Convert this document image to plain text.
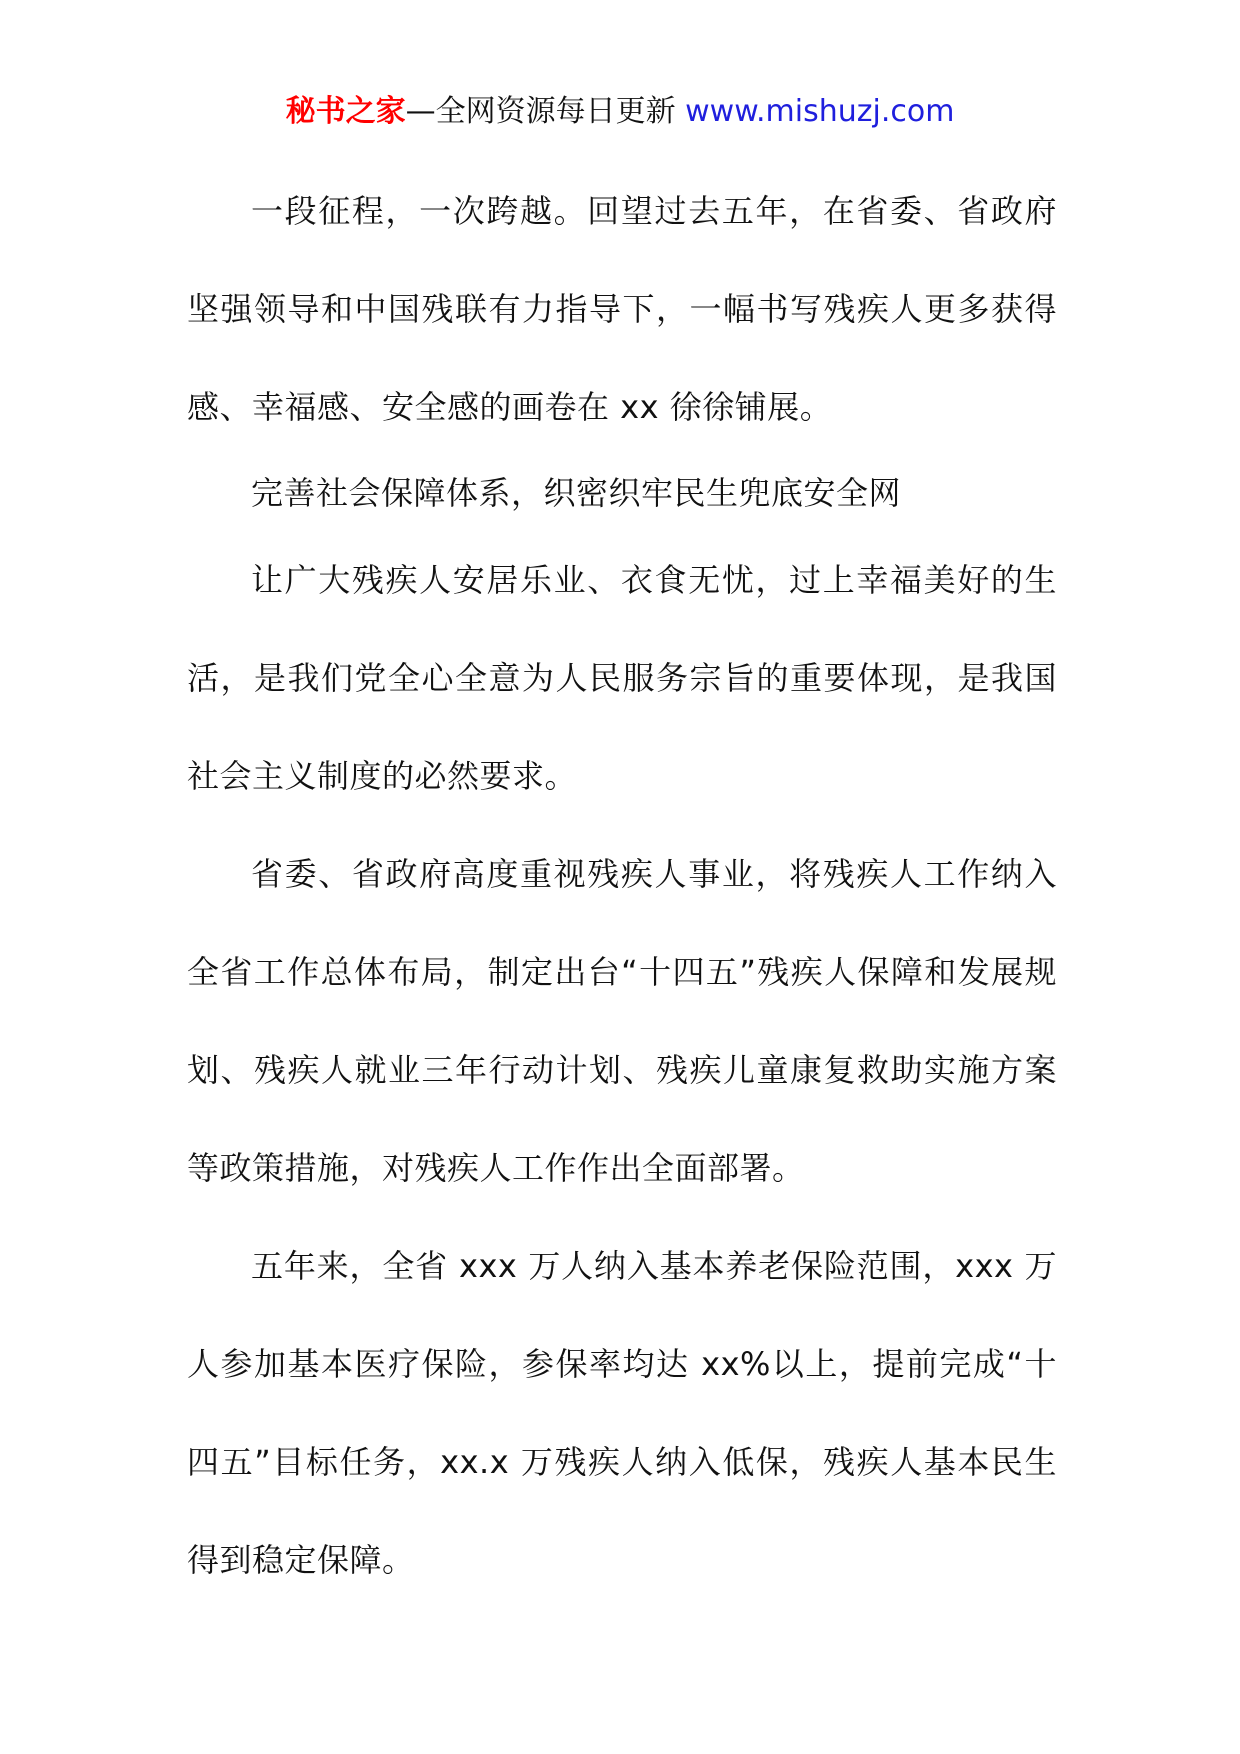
秘书之家—全网资源每日更新 www.mishuzj.com

一段征程，一次跨越。回望过去五年，在省委、省政府坚强领导和中国残联有力指导下，一幅书写残疾人更多获得感、幸福感、安全感的画卷在 xx 徐徐铺展。

完善社会保障体系，织密织牢民生兜底安全网

让广大残疾人安居乐业、衣食无忧，过上幸福美好的生活，是我们党全心全意为人民服务宗旨的重要体现，是我国社会主义制度的必然要求。

省委、省政府高度重视残疾人事业，将残疾人工作纳入全省工作总体布局，制定出台“十四五”残疾人保障和发展规划、残疾人就业三年行动计划、残疾儿童康复救助实施方案等政策措施，对残疾人工作作出全面部署。

五年来，全省 xxx 万人纳入基本养老保险范围，xxx 万人参加基本医疗保险，参保率均达 xx%以上，提前完成“十四五”目标任务，xx.x 万残疾人纳入低保，残疾人基本民生得到稳定保障。
